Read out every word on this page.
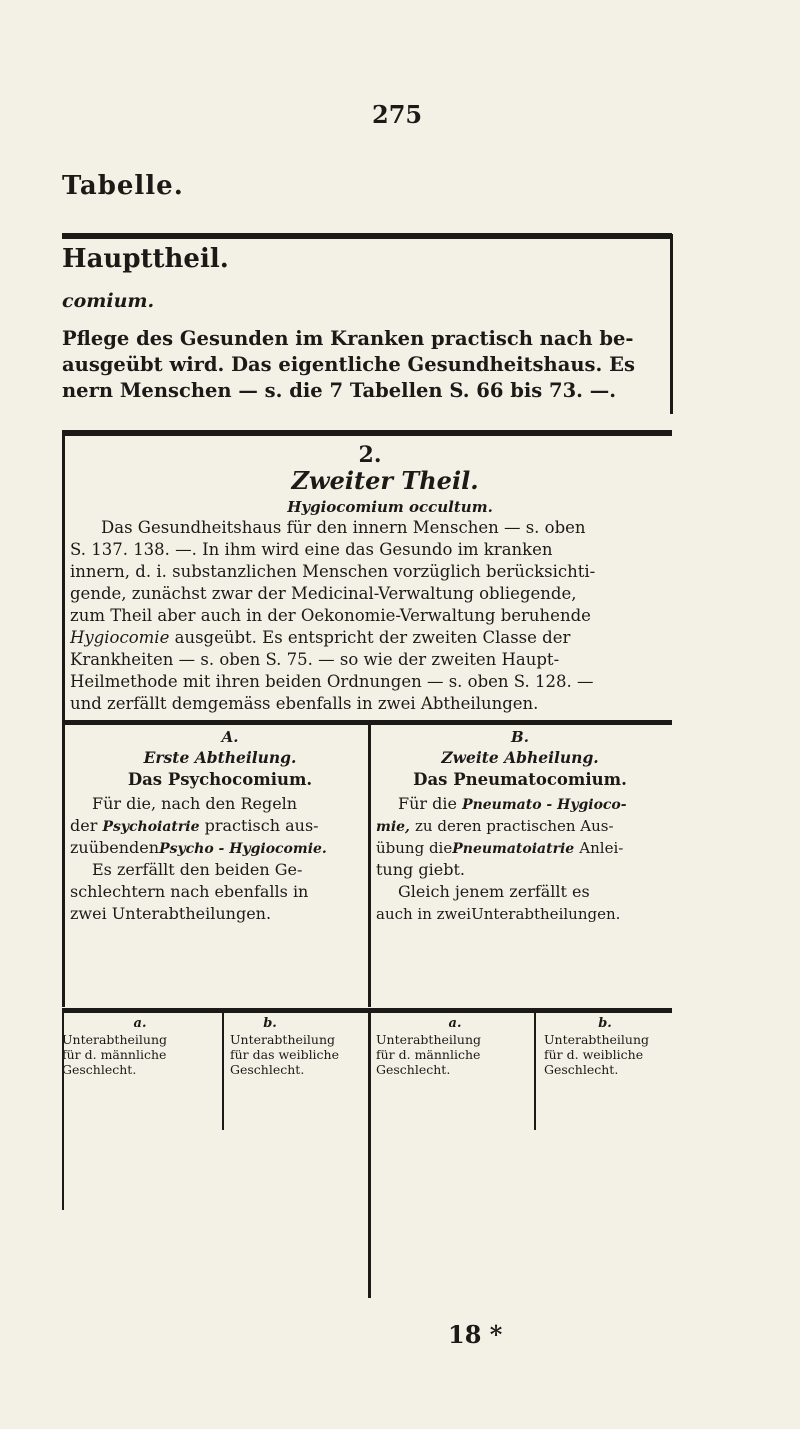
275
Tabelle.
Haupttheil.
comium.
Pflege des Gesunden im Kranken practisch nach be-
ausgeübt wird. Das eigentliche Gesundheitshaus. Es
nern Menschen — s. die 7 Tabellen S. 66 bis 73. —.
2.
Zweiter Theil.
Hygiocomium occultum.
Das Gesundheitshaus für den innern Menschen — s. oben
S. 137. 138. —. In ihm wird eine das Gesundo im kranken
innern, d. i. substanzlichen Menschen vorzüglich berücksichti-
gende, zunächst zwar der Medicinal-Verwaltung obliegende,
zum Theil aber auch in der Oekonomie-Verwaltung beruhende
Hygiocomie ausgeübt. Es entspricht der zweiten Classe der
Krankheiten — s. oben S. 75. — so wie der zweiten Haupt-
Heilmethode mit ihren beiden Ordnungen — s. oben S. 128. —
und zerfällt demgemäss ebenfalls in zwei Abtheilungen.
A.
Erste Abtheilung.
Das Psychocomium.
Für die, nach den Regeln
der Psychoiatrie practisch aus-
zuübendenPsycho - Hygiocomie.
Es zerfällt den beiden Ge-
schlechtern nach ebenfalls in
zwei Unterabtheilungen.
B.
Zweite Abheilung.
Das Pneumatocomium.
Für die Pneumato - Hygioco-
mie, zu deren practischen Aus-
übung diePneumatoiatrie Anlei-
tung giebt.
Gleich jenem zerfällt es
auch in zweiUnterabtheilungen.
a.
Unterabtheilung
für d. männliche
Geschlecht.
b.
Unterabtheilung
für das weibliche
Geschlecht.
a.
Unterabtheilung
für d. männliche
Geschlecht.
b.
Unterabtheilung
für d. weibliche
Geschlecht.
18 *
